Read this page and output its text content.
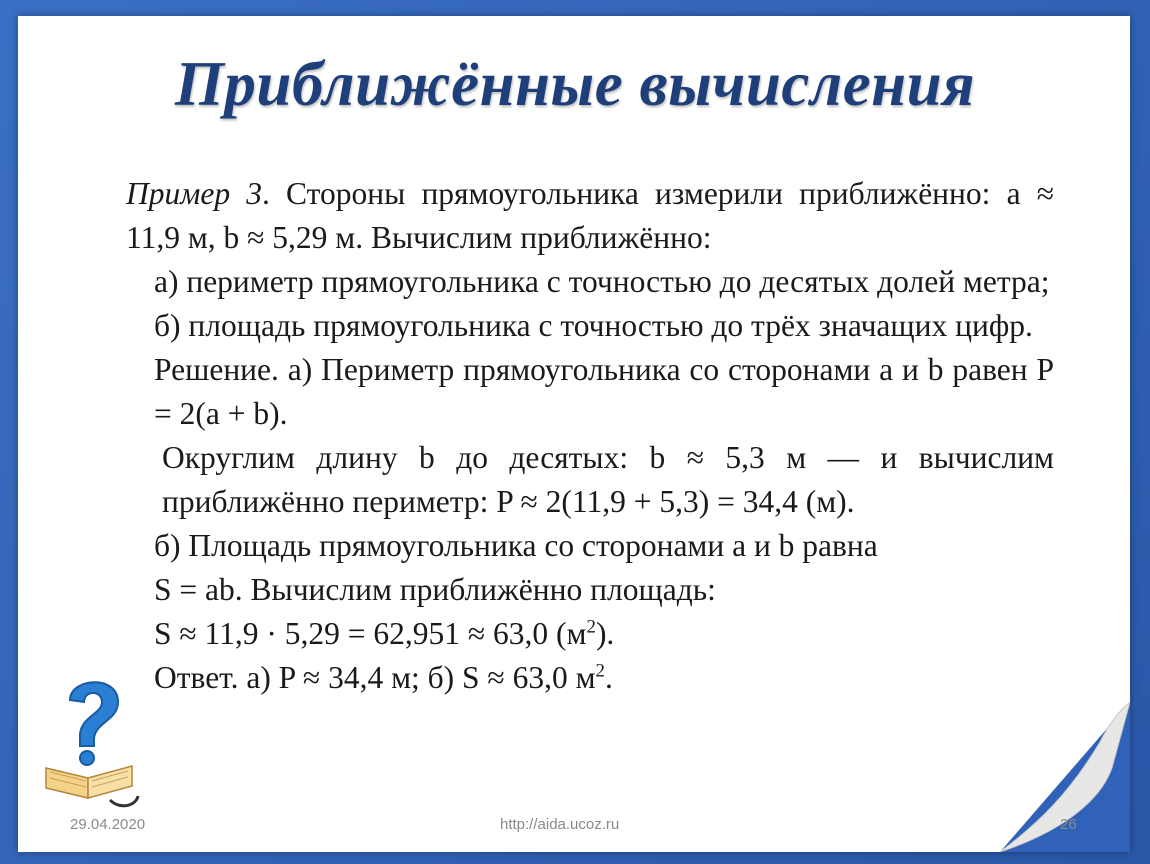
Приближённые вычисления

Пример 3. Стороны прямоугольника измерили приближённо: a ≈ 11,9 м, b ≈ 5,29 м. Вычислим приближённо:

а) периметр прямоугольника с точностью до десятых долей метра;

б) площадь прямоугольника с точностью до трёх значащих цифр.

Решение. а) Периметр прямоугольника со сторонами a и b равен P = 2(a + b).

Округлим длину b до десятых: b ≈ 5,3 м — и вычислим приближённо периметр: P ≈ 2(11,9 + 5,3) = 34,4 (м).

б) Площадь прямоугольника со сторонами a и b равна

S = ab. Вычислим приближённо площадь:

S ≈ 11,9 · 5,29 = 62,951 ≈ 63,0 $(м^2)$.

Ответ. а) P ≈ 34,4 м; б) S ≈ 63,0 $м^2$.

29.04.2020	http://aida.ucoz.ru	26
